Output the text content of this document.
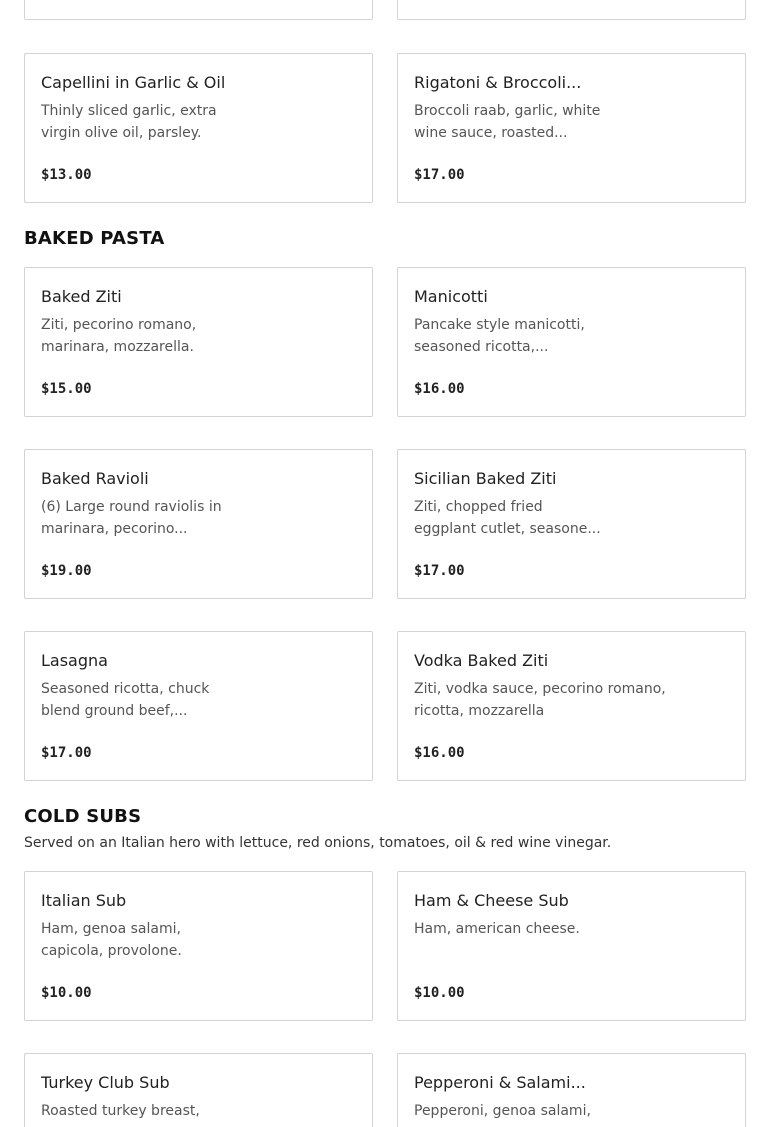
Capellini in Garlic & Oil
Thinly sliced garlic, extra virgin olive oil, parsley.
$13.00
Rigatoni & Broccoli...
Broccoli raab, garlic, white wine sauce, roasted...
$17.00
BAKED PASTA
Baked Ziti
Ziti, pecorino romano, marinara, mozzarella.
$15.00
Manicotti
Pancake style manicotti, seasoned ricotta,...
$16.00
Baked Ravioli
(6) Large round raviolis in marinara, pecorino...
$19.00
Sicilian Baked Ziti
Ziti, chopped fried eggplant cutlet, seasone...
$17.00
Lasagna
Seasoned ricotta, chuck blend ground beef,...
$17.00
Vodka Baked Ziti
Ziti, vodka sauce, pecorino romano, ricotta, mozzarella
$16.00
COLD SUBS
Served on an Italian hero with lettuce, red onions, tomatoes, oil & red wine vinegar.
Italian Sub
Ham, genoa salami, capicola, provolone.
$10.00
Ham & Cheese Sub
Ham, american cheese.
$10.00
Turkey Club Sub
Roasted turkey breast,
Pepperoni & Salami...
Pepperoni, genoa salami,
